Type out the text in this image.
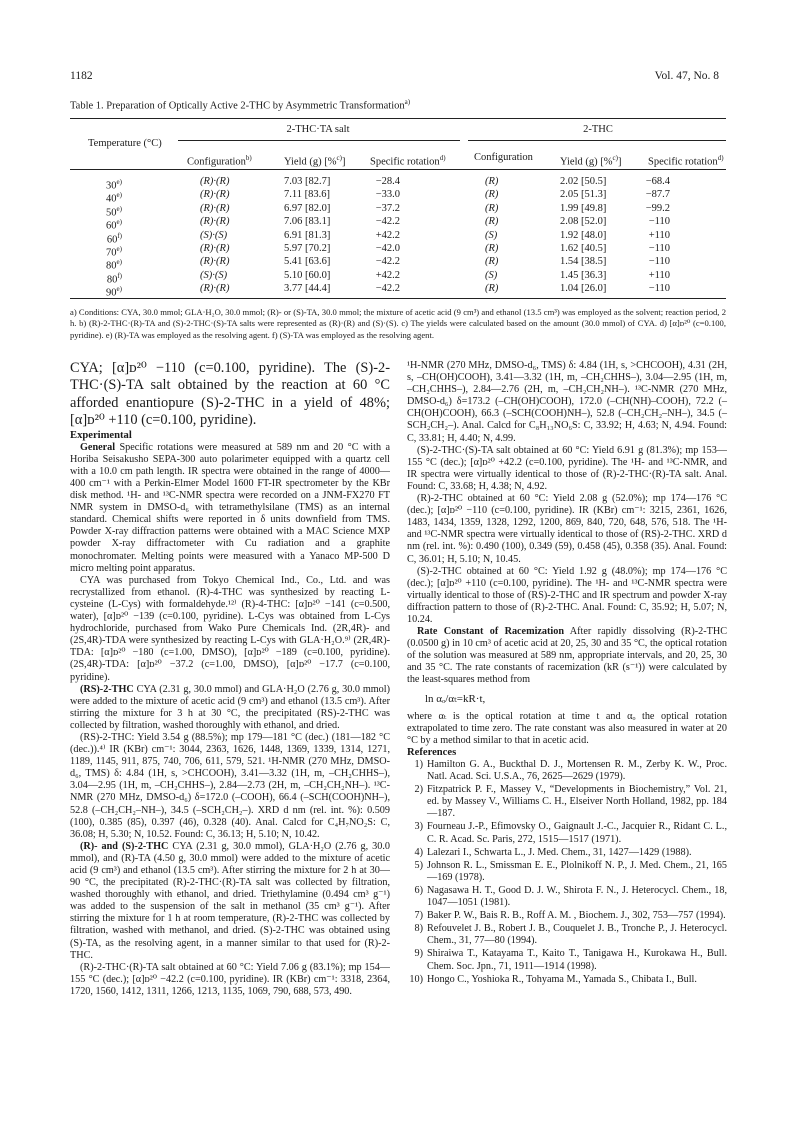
1182	Vol. 47, No. 8
Table 1. Preparation of Optically Active 2-THC by Asymmetric Transformation$^{a)}$
Temperature (°C)
2-THC·TA salt	2-THC
Configuration$^{b)}$	Yield (g) [%$^{c)}$] Specific rotation$^{d)}$	Configuration	Yield (g) [%$^{c)}$]	Specific rotation$^{d)}$
30$^{e)}$	(R)·(R)	7.03 [82.7]	−28.4	(R)	2.02 [50.5]	−68.4
40$^{e)}$	(R)·(R)	7.11 [83.6]	−33.0	(R)	2.05 [51.3]	−87.7
50$^{e)}$	(R)·(R)	6.97 [82.0]	−37.2	(R)	1.99 [49.8]	−99.2
60$^{e)}$	(R)·(R)	7.06 [83.1]	−42.2	(R)	2.08 [52.0]	−110
60$^{f)}$	(S)·(S)	6.91 [81.3]	+42.2	(S)	1.92 [48.0]	+110
70$^{e)}$	(R)·(R)	5.97 [70.2]	−42.0	(R)	1.62 [40.5]	−110
80$^{e)}$	(R)·(R)	5.41 [63.6]	−42.2	(R)	1.54 [38.5]	−110
80$^{f)}$	(S)·(S)	5.10 [60.0]	+42.2	(S)	1.45 [36.3]	+110
90$^{e)}$	(R)·(R)	3.77 [44.4]	−42.2	(R)	1.04 [26.0]	−110
a) Conditions: CYA, 30.0 mmol; GLA·H₂O, 30.0 mmol; (R)- or (S)-TA, 30.0 mmol; the mixture of acetic acid (9 cm³) and ethanol (13.5 cm³) was employed as the solvent; reaction period, 2 h. b) (R)-2-THC·(R)-TA and (S)-2-THC·(S)-TA salts were represented as (R)·(R) and (S)·(S). c) The yields were calculated based on the amount (30.0 mmol) of CYA. d) [α]ᴅ²⁰ (c=0.100, pyridine). e) (R)-TA was employed as the resolving agent. f) (S)-TA was employed as the resolving agent.

CYA; [α]ᴅ²⁰ −110 (c=0.100, pyridine). The (S)-2-THC·(S)-TA salt obtained by the reaction at 60 °C afforded enantiopure (S)-2-THC in a yield of 48%; [α]ᴅ²⁰ +110 (c=0.100, pyridine).

Experimental

General Specific rotations were measured at 589 nm and 20 °C with a Horiba Seisakusho SEPA-300 auto polarimeter equipped with a quartz cell with a 10.0 cm path length. IR spectra were obtained in the range of 4000—400 cm⁻¹ with a Perkin-Elmer Model 1600 FT-IR spectrometer by the KBr disk method. ¹H- and ¹³C-NMR spectra were recorded on a JNM-FX270 FT NMR system in DMSO-d₆ with tetramethylsilane (TMS) as an internal standard. Chemical shifts were reported in δ units downfield from TMS. Powder X-ray diffraction patterns were obtained with a MAC Science MXP powder X-ray diffractometer with Cu radiation and a graphite monochromater. Melting points were measured with a Yanaco MP-500 D micro melting point apparatus.

CYA was purchased from Tokyo Chemical Ind., Co., Ltd. and was recrystallized from ethanol. (R)-4-THC was synthesized by reacting L-cysteine (L-Cys) with formaldehyde.¹²⁾ (R)-4-THC: [α]ᴅ²⁰ −141 (c=0.500, water), [α]ᴅ²⁰ −139 (c=0.100, pyridine). L-Cys was obtained from L-Cys hydrochloride, purchased from Wako Pure Chemicals Ind. (2R,4R)- and (2S,4R)-TDA were synthesized by reacting L-Cys with GLA·H₂O.⁹⁾ (2R,4R)-TDA: [α]ᴅ²⁰ −180 (c=1.00, DMSO), [α]ᴅ²⁰ −189 (c=0.100, pyridine). (2S,4R)-TDA: [α]ᴅ²⁰ −37.2 (c=1.00, DMSO), [α]ᴅ²⁰ −17.7 (c=0.100, pyridine).

(RS)-2-THC CYA (2.31 g, 30.0 mmol) and GLA·H₂O (2.76 g, 30.0 mmol) were added to the mixture of acetic acid (9 cm³) and ethanol (13.5 cm³). After stirring the mixture for 3 h at 30 °C, the precipitated (RS)-2-THC was collected by filtration, washed thoroughly with ethanol, and dried.

(RS)-2-THC: Yield 3.54 g (88.5%); mp 179—181 °C (dec.) (181—182 °C (dec.)).⁴⁾ IR (KBr) cm⁻¹: 3044, 2363, 1626, 1448, 1369, 1339, 1314, 1271, 1189, 1145, 911, 875, 740, 706, 611, 579, 521. ¹H-NMR (270 MHz, DMSO-d₆, TMS) δ: 4.84 (1H, s, >CHCOOH), 3.41—3.32 (1H, m, –CH₂CHHS–), 3.04—2.95 (1H, m, –CH₂CHHS–), 2.84—2.73 (2H, m, –CH₂CH₂NH–). ¹³C-NMR (270 MHz, DMSO-d₆) δ=172.0 (–COOH), 66.4 (–SCH(COOH)NH–), 52.8 (–CH₂CH₂–NH–), 34.5 (–SCH₂CH₂–). XRD d nm (rel. int. %): 0.509 (100), 0.385 (85), 0.397 (46), 0.328 (40). Anal. Calcd for C₄H₇NO₂S: C, 36.08; H, 5.30; N, 10.52. Found: C, 36.13; H, 5.10; N, 10.42.

(R)- and (S)-2-THC CYA (2.31 g, 30.0 mmol), GLA·H₂O (2.76 g, 30.0 mmol), and (R)-TA (4.50 g, 30.0 mmol) were added to the mixture of acetic acid (9 cm³) and ethanol (13.5 cm³). After stirring the mixture for 2 h at 30—90 °C, the precipitated (R)-2-THC·(R)-TA salt was collected by filtration, washed thoroughly with ethanol, and dried. Triethylamine (0.494 cm³ g⁻¹) was added to the suspension of the salt in methanol (35 cm³ g⁻¹). After stirring the mixture for 1 h at room temperature, (R)-2-THC was collected by filtration, washed with methanol, and dried. (S)-2-THC was obtained using (S)-TA, as the resolving agent, in a manner similar to that used for (R)-2-THC.

(R)-2-THC·(R)-TA salt obtained at 60 °C: Yield 7.06 g (83.1%); mp 154—155 °C (dec.); [α]ᴅ²⁰ −42.2 (c=0.100, pyridine). IR (KBr) cm⁻¹: 3318, 2364, 1720, 1560, 1412, 1311, 1266, 1213, 1135, 1069, 790, 688, 573, 490.

¹H-NMR (270 MHz, DMSO-d₆, TMS) δ: 4.84 (1H, s, >CHCOOH), 4.31 (2H, s, –CH(OH)COOH), 3.41—3.32 (1H, m, –CH₂CHHS–), 3.04—2.95 (1H, m, –CH₂CHHS–), 2.84—2.76 (2H, m, –CH₂CH₂NH–). ¹³C-NMR (270 MHz, DMSO-d₆) δ=173.2 (–CH(OH)COOH), 172.0 (–CH(NH)–COOH), 72.2 (–CH(OH)COOH), 66.3 (–SCH(COOH)NH–), 52.8 (–CH₂CH₂–NH–), 34.5 (–SCH₂CH₂–). Anal. Calcd for C₈H₁₃NO₆S: C, 33.92; H, 4.63; N, 4.94. Found: C, 33.81; H, 4.40; N, 4.99.

(S)-2-THC·(S)-TA salt obtained at 60 °C: Yield 6.91 g (81.3%); mp 153—155 °C (dec.); [α]ᴅ²⁰ +42.2 (c=0.100, pyridine). The ¹H- and ¹³C-NMR, and IR spectra were virtually identical to those of (R)-2-THC·(R)-TA salt. Anal. Found: C, 33.68; H, 4.38; N, 4.92.

(R)-2-THC obtained at 60 °C: Yield 2.08 g (52.0%); mp 174—176 °C (dec.); [α]ᴅ²⁰ −110 (c=0.100, pyridine). IR (KBr) cm⁻¹: 3215, 2361, 1626, 1483, 1434, 1359, 1328, 1292, 1200, 869, 840, 720, 648, 576, 518. The ¹H- and ¹³C-NMR spectra were virtually identical to those of (RS)-2-THC. XRD d nm (rel. int. %): 0.490 (100), 0.349 (59), 0.458 (45), 0.358 (35). Anal. Found: C, 36.01; H, 5.10; N, 10.45.

(S)-2-THC obtained at 60 °C: Yield 1.92 g (48.0%); mp 174—176 °C (dec.); [α]ᴅ²⁰ +110 (c=0.100, pyridine). The ¹H- and ¹³C-NMR spectra were virtually identical to those of (RS)-2-THC and IR spectrum and powder X-ray diffraction pattern to those of (R)-2-THC. Anal. Found: C, 35.92; H, 5.07; N, 10.24.

Rate Constant of Racemization After rapidly dissolving (R)-2-THC (0.0500 g) in 10 cm³ of acetic acid at 20, 25, 30 and 35 °C, the optical rotation of the solution was measured at 589 nm, appropriate intervals, and 20, 25, 30 and 35 °C. The rate constants of racemization (kR (s⁻¹)) were calculated by the least-squares method from

ln αₒ/αₜ=kR·t,

where αₜ is the optical rotation at time t and αₒ the optical rotation extrapolated to time zero. The rate constant was also measured in water at 20 °C by a method similar to that in acetic acid.

References

1) Hamilton G. A., Buckthal D. J., Mortensen R. M., Zerby K. W., Proc. Natl. Acad. Sci. U.S.A., 76, 2625—2629 (1979).
2) Fitzpatrick P. F., Massey V., “Developments in Biochemistry,” Vol. 21, ed. by Massey V., Williams C. H., Elseiver North Holland, 1982, pp. 184—187.
3) Fourneau J.-P., Efimovsky O., Gaignault J.-C., Jacquier R., Ridant C. L., C. R. Acad. Sc. Paris, 272, 1515—1517 (1971).
4) Lalezari I., Schwarta L., J. Med. Chem., 31, 1427—1429 (1988).
5) Johnson R. L., Smissman E. E., Plolnikoff N. P., J. Med. Chem., 21, 165—169 (1978).
6) Nagasawa H. T., Good D. J. W., Shirota F. N., J. Heterocycl. Chem., 18, 1047—1051 (1981).
7) Baker P. W., Bais R. B., Roff A. M. , Biochem. J., 302, 753—757 (1994).
8) Refouvelet J. B., Robert J. B., Couquelet J. B., Tronche P., J. Heterocycl. Chem., 31, 77—80 (1994).
9) Shiraiwa T., Katayama T., Kaito T., Tanigawa H., Kurokawa H., Bull. Chem. Soc. Jpn., 71, 1911—1914 (1998).
10) Hongo C., Yoshioka R., Tohyama M., Yamada S., Chibata I., Bull.
